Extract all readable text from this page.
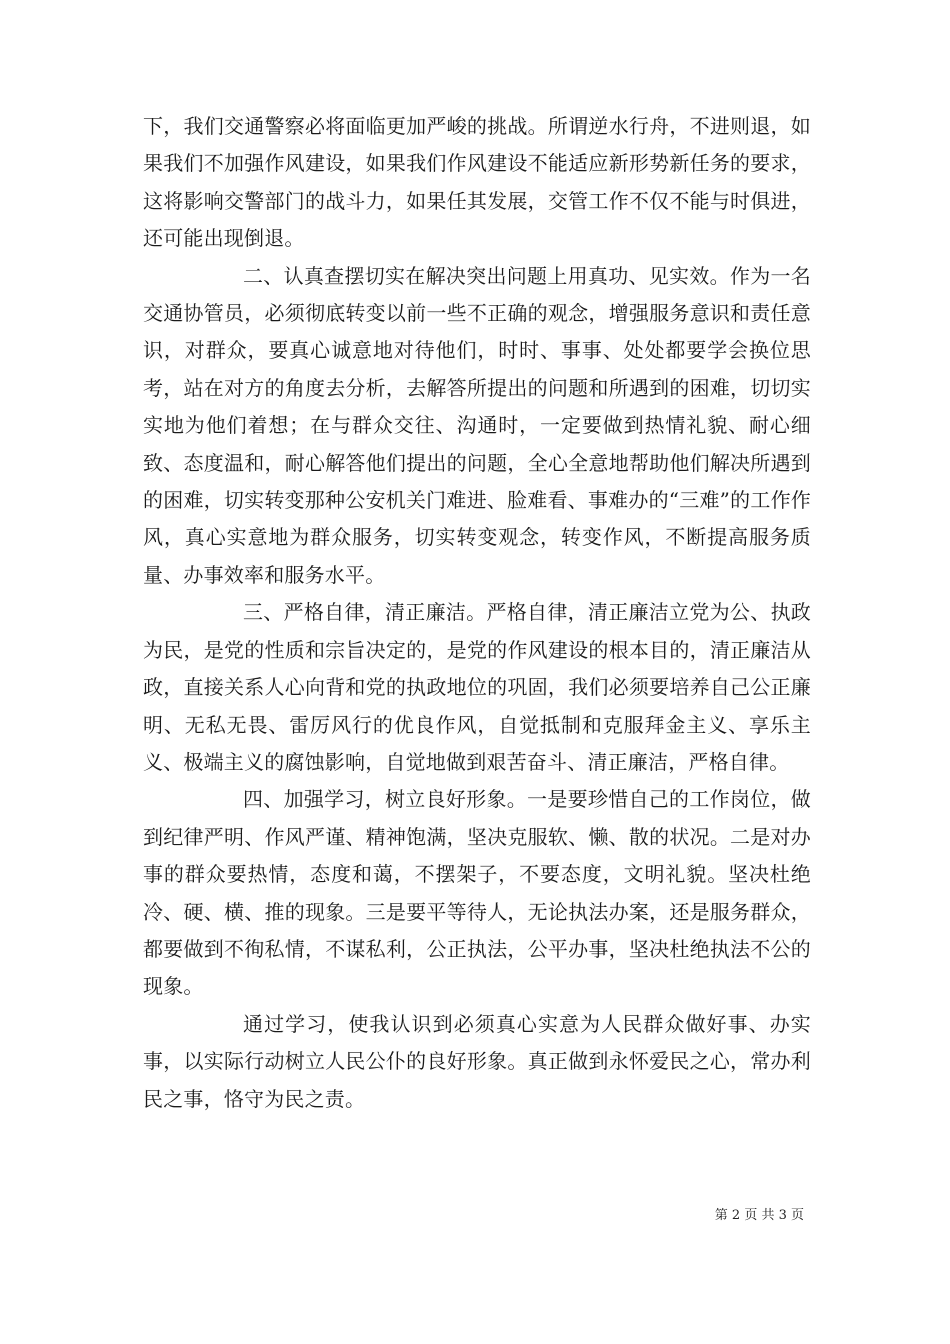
下，我们交通警察必将面临更加严峻的挑战。所谓逆水行舟，不进则退，如果我们不加强作风建设，如果我们作风建设不能适应新形势新任务的要求，这将影响交警部门的战斗力，如果任其发展，交管工作不仅不能与时俱进，还可能出现倒退。

二、认真查摆切实在解决突出问题上用真功、见实效。作为一名交通协管员，必须彻底转变以前一些不正确的观念，增强服务意识和责任意识，对群众，要真心诚意地对待他们，时时、事事、处处都要学会换位思考，站在对方的角度去分析，去解答所提出的问题和所遇到的困难，切切实实地为他们着想；在与群众交往、沟通时，一定要做到热情礼貌、耐心细致、态度温和，耐心解答他们提出的问题，全心全意地帮助他们解决所遇到的困难，切实转变那种公安机关门难进、脸难看、事难办的“三难”的工作作风，真心实意地为群众服务，切实转变观念，转变作风，不断提高服务质量、办事效率和服务水平。

三、严格自律，清正廉洁。严格自律，清正廉洁立党为公、执政为民，是党的性质和宗旨决定的，是党的作风建设的根本目的，清正廉洁从政，直接关系人心向背和党的执政地位的巩固，我们必须要培养自己公正廉明、无私无畏、雷厉风行的优良作风，自觉抵制和克服拜金主义、享乐主义、极端主义的腐蚀影响，自觉地做到艰苦奋斗、清正廉洁，严格自律。

四、加强学习，树立良好形象。一是要珍惜自己的工作岗位，做到纪律严明、作风严谨、精神饱满，坚决克服软、懒、散的状况。二是对办事的群众要热情，态度和蔼，不摆架子，不要态度，文明礼貌。坚决杜绝冷、硬、横、推的现象。三是要平等待人，无论执法办案，还是服务群众，都要做到不徇私情，不谋私利，公正执法，公平办事，坚决杜绝执法不公的现象。

通过学习，使我认识到必须真心实意为人民群众做好事、办实事，以实际行动树立人民公仆的良好形象。真正做到永怀爱民之心，常办利民之事，恪守为民之责。

第 2 页 共 3 页
